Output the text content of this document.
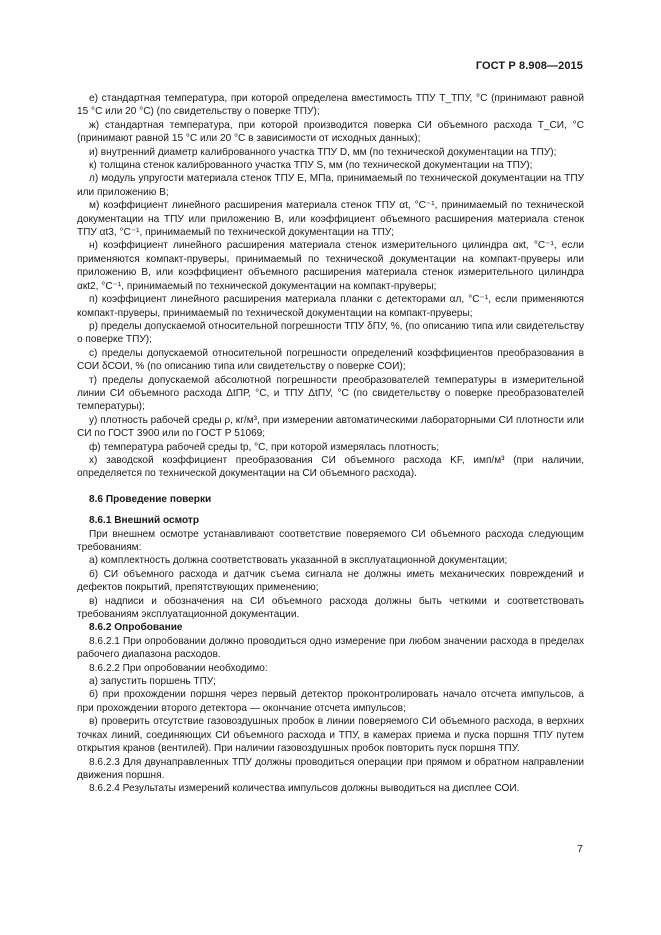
ГОСТ Р 8.908—2015

е) стандартная температура, при которой определена вместимость ТПУ T_ТПУ, °С (принимают равной 15 °С или 20 °С) (по свидетельству о поверке ТПУ);

ж) стандартная температура, при которой производится поверка СИ объемного расхода T_СИ, °С (принимают равной 15 °С или 20 °С в зависимости от исходных данных);

и) внутренний диаметр калиброванного участка ТПУ D, мм (по технической документации на ТПУ);

к) толщина стенок калиброванного участка ТПУ S, мм (по технической документации на ТПУ);

л) модуль упругости материала стенок ТПУ E, МПа, принимаемый по технической документации на ТПУ или приложению В;

м) коэффициент линейного расширения материала стенок ТПУ αt, °С⁻¹, принимаемый по технической документации на ТПУ или приложению В, или коэффициент объемного расширения материала стенок ТПУ αt3, °С⁻¹, принимаемый по технической документации на ТПУ;

н) коэффициент линейного расширения материала стенок измерительного цилиндра αкt, °С⁻¹, если применяются компакт-пруверы, принимаемый по технической документации на компакт-пруверы или приложению В, или коэффициент объемного расширения материала стенок измерительного цилиндра αкt2, °С⁻¹, принимаемый по технической документации на компакт-пруверы;

п) коэффициент линейного расширения материала планки с детекторами αл, °С⁻¹, если применяются компакт-пруверы, принимаемый по технической документации на компакт-пруверы;

р) пределы допускаемой относительной погрешности ТПУ δПУ, %, (по описанию типа или свидетельству о поверке ТПУ);

с) пределы допускаемой относительной погрешности определений коэффициентов преобразования в СОИ δСОИ, % (по описанию типа или свидетельству о поверке СОИ);

т) пределы допускаемой абсолютной погрешности преобразователей температуры в измерительной линии СИ объемного расхода ΔtПР, °С, и ТПУ ΔtПУ, °С (по свидетельству о поверке преобразователей температуры);

у) плотность рабочей среды ρ, кг/м³, при измерении автоматическими лабораторными СИ плотности или СИ по ГОСТ 3900 или по ГОСТ Р 51069;

ф) температура рабочей среды tр, °С, при которой измерялась плотность;

х) заводской коэффициент преобразования СИ объемного расхода KF, имп/м³ (при наличии, определяется по технической документации на СИ объемного расхода).

8.6 Проведение поверки

8.6.1 Внешний осмотр

При внешнем осмотре устанавливают соответствие поверяемого СИ объемного расхода следующим требованиям:

а) комплектность должна соответствовать указанной в эксплуатационной документации;

б) СИ объемного расхода и датчик съема сигнала не должны иметь механических повреждений и дефектов покрытий, препятствующих применению;

в) надписи и обозначения на СИ объемного расхода должны быть четкими и соответствовать требованиям эксплуатационной документации.

8.6.2 Опробование

8.6.2.1 При опробовании должно проводиться одно измерение при любом значении расхода в пределах рабочего диапазона расходов.

8.6.2.2 При опробовании необходимо:

а) запустить поршень ТПУ;

б) при прохождении поршня через первый детектор проконтролировать начало отсчета импульсов, а при прохождении второго детектора — окончание отсчета импульсов;

в) проверить отсутствие газовоздушных пробок в линии поверяемого СИ объемного расхода, в верхних точках линий, соединяющих СИ объемного расхода и ТПУ, в камерах приема и пуска поршня ТПУ путем открытия кранов (вентилей). При наличии газовоздушных пробок повторить пуск поршня ТПУ.

8.6.2.3 Для двунаправленных ТПУ должны проводиться операции при прямом и обратном направлении движения поршня.

8.6.2.4 Результаты измерений количества импульсов должны выводиться на дисплее СОИ.

7
